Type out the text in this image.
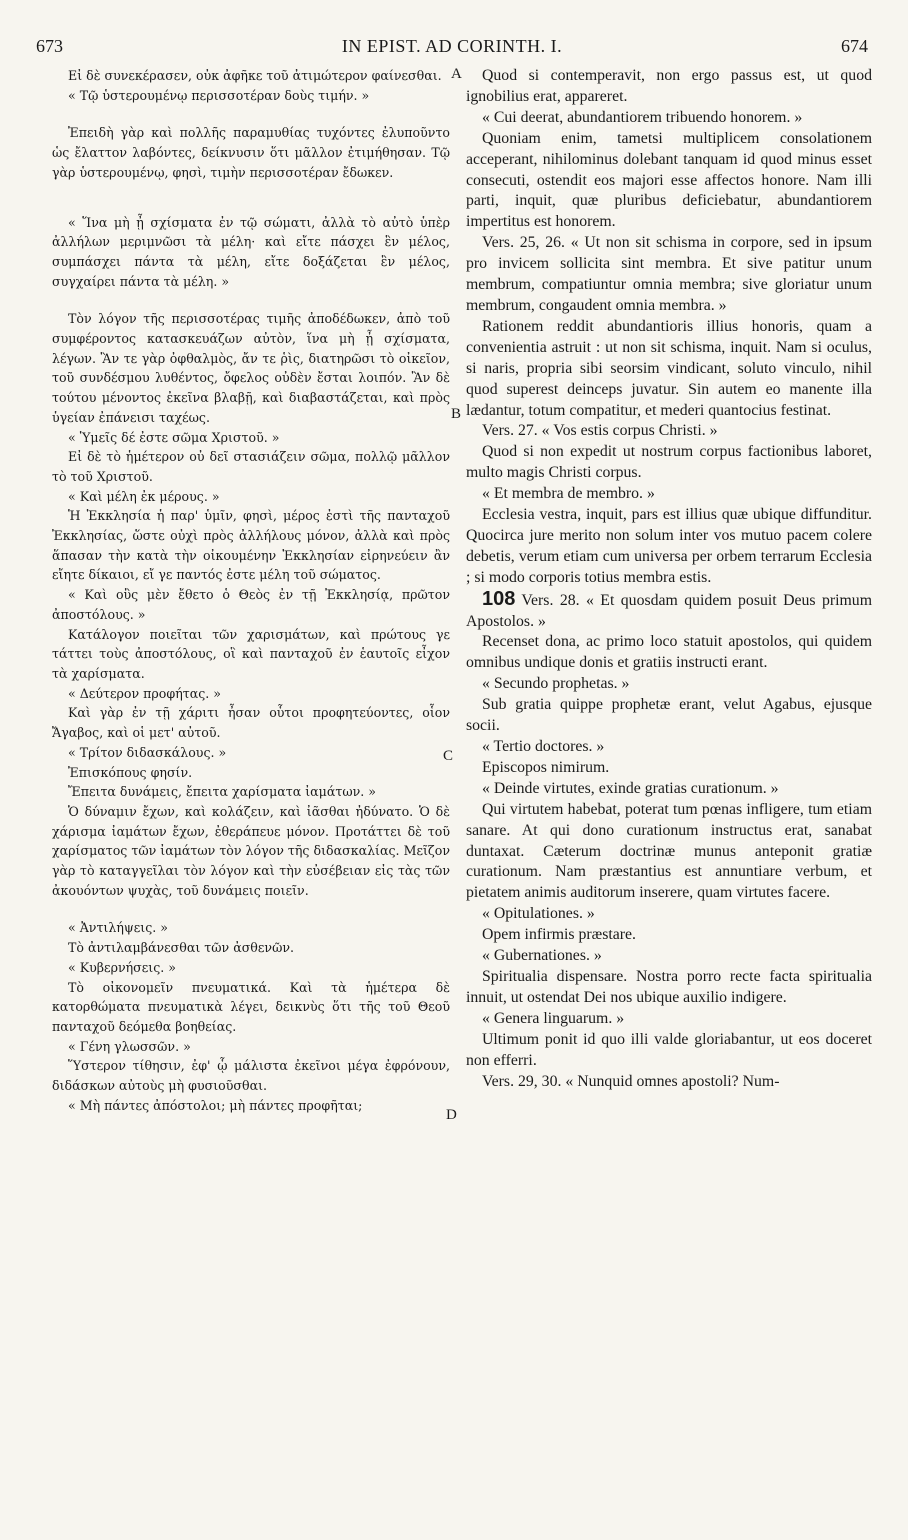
673	IN EPIST. AD CORINTH. I.	674
A
B
C
D

Εἰ δὲ συνεκέρασεν, οὐκ ἀφῆκε τοῦ ἀτιμώτερον φαίνεσθαι.

« Τῷ ὑστερουμένῳ περισσοτέραν δοὺς τιμήν. »

Ἐπειδὴ γὰρ καὶ πολλῆς παραμυθίας τυχόντες ἐλυποῦντο ὡς ἔλαττον λαβόντες, δείκνυσιν ὅτι μᾶλλον ἐτιμήθησαν. Τῷ γὰρ ὑστερουμένῳ, φησὶ, τιμὴν περισσοτέραν ἔδωκεν.

« Ἵνα μὴ ᾖ σχίσματα ἐν τῷ σώματι, ἀλλὰ τὸ αὐτὸ ὑπὲρ ἀλλήλων μεριμνῶσι τὰ μέλη· καὶ εἴτε πάσχει ἓν μέλος, συμπάσχει πάντα τὰ μέλη, εἴτε δοξάζεται ἓν μέλος, συγχαίρει πάντα τὰ μέλη. »

Τὸν λόγον τῆς περισσοτέρας τιμῆς ἀποδέδωκεν, ἀπὸ τοῦ συμφέροντος κατασκευάζων αὐτὸν, ἵνα μὴ ᾖ σχίσματα, λέγων. Ἂν τε γὰρ ὀφθαλμὸς, ἄν τε ῥὶς, διατηρῶσι τὸ οἰκεῖον, τοῦ συνδέσμου λυθέντος, ὄφελος οὐδὲν ἔσται λοιπόν. Ἂν δὲ τούτου μένοντος ἐκεῖνα βλαβῇ, καὶ διαβαστάζεται, καὶ πρὸς ὑγείαν ἐπάνεισι ταχέως.

« Ὑμεῖς δέ ἐστε σῶμα Χριστοῦ. »

Εἰ δὲ τὸ ἡμέτερον οὐ δεῖ στασιάζειν σῶμα, πολλῷ μᾶλλον τὸ τοῦ Χριστοῦ.

« Καὶ μέλη ἐκ μέρους. »

Ἡ Ἐκκλησία ἡ παρ' ὑμῖν, φησὶ, μέρος ἐστὶ τῆς πανταχοῦ Ἐκκλησίας, ὥστε οὐχὶ πρὸς ἀλλήλους μόνον, ἀλλὰ καὶ πρὸς ἅπασαν τὴν κατὰ τὴν οἰκουμένην Ἐκκλησίαν εἰρηνεύειν ἂν εἴητε δίκαιοι, εἴ γε παντός ἐστε μέλη τοῦ σώματος.

« Καὶ οὓς μὲν ἔθετο ὁ Θεὸς ἐν τῇ Ἐκκλησίᾳ, πρῶτον ἀποστόλους. »

Κατάλογον ποιεῖται τῶν χαρισμάτων, καὶ πρώτους γε τάττει τοὺς ἀποστόλους, οἳ καὶ πανταχοῦ ἐν ἑαυτοῖς εἶχον τὰ χαρίσματα.

« Δεύτερον προφήτας. »

Καὶ γὰρ ἐν τῇ χάριτι ἦσαν οὗτοι προφητεύοντες, οἷον Ἄγαβος, καὶ οἱ μετ' αὐτοῦ.

« Τρίτον διδασκάλους. »

Ἐπισκόπους φησίν.

Ἔπειτα δυνάμεις, ἔπειτα χαρίσματα ἰαμάτων. »

Ὁ δύναμιν ἔχων, καὶ κολάζειν, καὶ ἰᾶσθαι ἠδύνατο. Ὁ δὲ χάρισμα ἰαμάτων ἔχων, ἐθεράπευε μόνον. Προτάττει δὲ τοῦ χαρίσματος τῶν ἰαμάτων τὸν λόγον τῆς διδασκαλίας. Μεῖζον γὰρ τὸ καταγγεῖλαι τὸν λόγον καὶ τὴν εὐσέβειαν εἰς τὰς τῶν ἀκουόντων ψυχὰς, τοῦ δυνάμεις ποιεῖν.

« Ἀντιλήψεις. »

Τὸ ἀντιλαμβάνεσθαι τῶν ἀσθενῶν.

« Κυβερνήσεις. »

Τὸ οἰκονομεῖν πνευματικά. Καὶ τὰ ἡμέτερα δὲ κατορθώματα πνευματικὰ λέγει, δεικνὺς ὅτι τῆς τοῦ Θεοῦ πανταχοῦ δεόμεθα βοηθείας.

« Γένη γλωσσῶν. »

Ὕστερον τίθησιν, ἐφ' ᾧ μάλιστα ἐκεῖνοι μέγα ἐφρόνουν, διδάσκων αὐτοὺς μὴ φυσιοῦσθαι.

« Μὴ πάντες ἀπόστολοι; μὴ πάντες προφῆται;

Quod si contemperavit, non ergo passus est, ut quod ignobilius erat, appareret.

« Cui deerat, abundantiorem tribuendo honorem. »

Quoniam enim, tametsi multiplicem consolationem acceperant, nihilominus dolebant tanquam id quod minus esset consecuti, ostendit eos majori esse affectos honore. Nam illi parti, inquit, quæ pluribus deficiebatur, abundantiorem impertitus est honorem.

Vers. 25, 26. « Ut non sit schisma in corpore, sed in ipsum pro invicem sollicita sint membra. Et sive patitur unum membrum, compatiuntur omnia membra; sive gloriatur unum membrum, congaudent omnia membra. »

Rationem reddit abundantioris illius honoris, quam a convenientia astruit : ut non sit schisma, inquit. Nam si oculus, si naris, propria sibi seorsim vindicant, soluto vinculo, nihil quod superest deinceps juvatur. Sin autem eo manente illa lædantur, totum compatitur, et mederi quantocius festinat.

Vers. 27. « Vos estis corpus Christi. »

Quod si non expedit ut nostrum corpus factionibus laboret, multo magis Christi corpus.

« Et membra de membro. »

Ecclesia vestra, inquit, pars est illius quæ ubique diffunditur. Quocirca jure merito non solum inter vos mutuo pacem colere debetis, verum etiam cum universa per orbem terrarum Ecclesia ; si modo corporis totius membra estis.

108 Vers. 28. « Et quosdam quidem posuit Deus primum Apostolos. »

Recenset dona, ac primo loco statuit apostolos, qui quidem omnibus undique donis et gratiis instructi erant.

« Secundo prophetas. »

Sub gratia quippe prophetæ erant, velut Agabus, ejusque socii.

« Tertio doctores. »

Episcopos nimirum.

« Deinde virtutes, exinde gratias curationum. »

Qui virtutem habebat, poterat tum pœnas infligere, tum etiam sanare. At qui dono curationum instructus erat, sanabat duntaxat. Cæterum doctrinæ munus anteponit gratiæ curationum. Nam præstantius est annuntiare verbum, et pietatem animis auditorum inserere, quam virtutes facere.

« Opitulationes. »

Opem infirmis præstare.

« Gubernationes. »

Spiritualia dispensare. Nostra porro recte facta spiritualia innuit, ut ostendat Dei nos ubique auxilio indigere.

« Genera linguarum. »

Ultimum ponit id quo illi valde gloriabantur, ut eos doceret non efferri.

Vers. 29, 30. « Nunquid omnes apostoli? Num-
